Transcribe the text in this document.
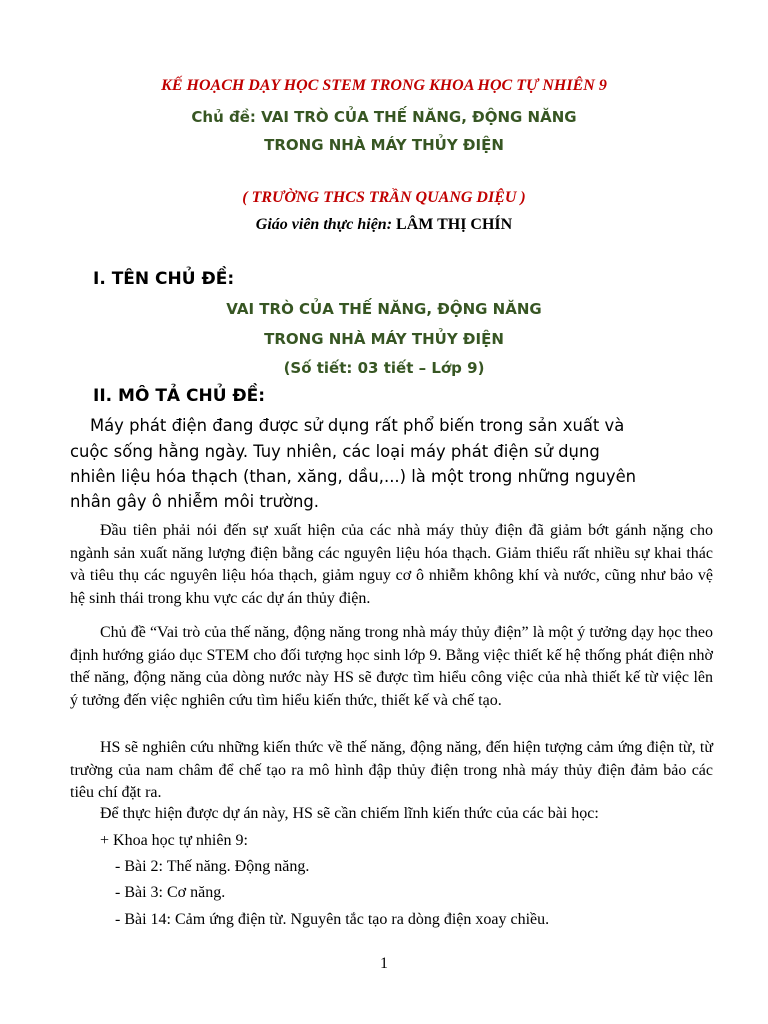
KẾ HOẠCH DẠY HỌC STEM TRONG KHOA HỌC TỰ NHIÊN 9
Chủ đề: VAI TRÒ CỦA THẾ NĂNG, ĐỘNG NĂNG
TRONG NHÀ MÁY THỦY ĐIỆN
( TRƯỜNG THCS TRẦN QUANG DIỆU )
Giáo viên thực hiện: LÂM THỊ CHÍN
I. TÊN CHỦ ĐỀ:
VAI TRÒ CỦA THẾ NĂNG, ĐỘNG NĂNG
TRONG NHÀ MÁY THỦY ĐIỆN
(Số tiết: 03 tiết – Lớp 9)
II. MÔ TẢ CHỦ ĐỀ:
Máy phát điện đang được sử dụng rất phổ biến trong sản xuất và
cuộc sống hằng ngày. Tuy nhiên, các loại máy phát điện sử dụng
nhiên liệu hóa thạch (than, xăng, dầu,...) là một trong những nguyên
nhân gây ô nhiễm môi trường.
Đầu tiên phải nói đến sự xuất hiện của các nhà máy thủy điện đã giảm bớt gánh nặng cho ngành sản xuất năng lượng điện bằng các nguyên liệu hóa thạch. Giảm thiểu rất nhiều sự khai thác và tiêu thụ các nguyên liệu hóa thạch, giảm nguy cơ ô nhiễm không khí và nước, cũng như bảo vệ hệ sinh thái trong khu vực các dự án thủy điện.
Chủ đề “Vai trò của thế năng, động năng trong nhà máy thủy điện” là một ý tưởng dạy học theo định hướng giáo dục STEM cho đối tượng học sinh lớp 9. Bằng việc thiết kế hệ thống phát điện nhờ thế năng, động năng của dòng nước này HS sẽ được tìm hiểu công việc của nhà thiết kế từ việc lên ý tưởng đến việc nghiên cứu tìm hiểu kiến thức, thiết kế và chế tạo.
HS sẽ nghiên cứu những kiến thức về thế năng, động năng, đến hiện tượng cảm ứng điện từ, từ trường của nam châm để chế tạo ra mô hình đập thủy điện trong nhà máy thủy điện đảm bảo các tiêu chí đặt ra.
Để thực hiện được dự án này, HS sẽ cần chiếm lĩnh kiến thức của các bài học:
+ Khoa học tự nhiên 9:
- Bài 2: Thế năng. Động năng.
- Bài 3: Cơ năng.
- Bài 14: Cảm ứng điện từ. Nguyên tắc tạo ra dòng điện xoay chiều.
1
